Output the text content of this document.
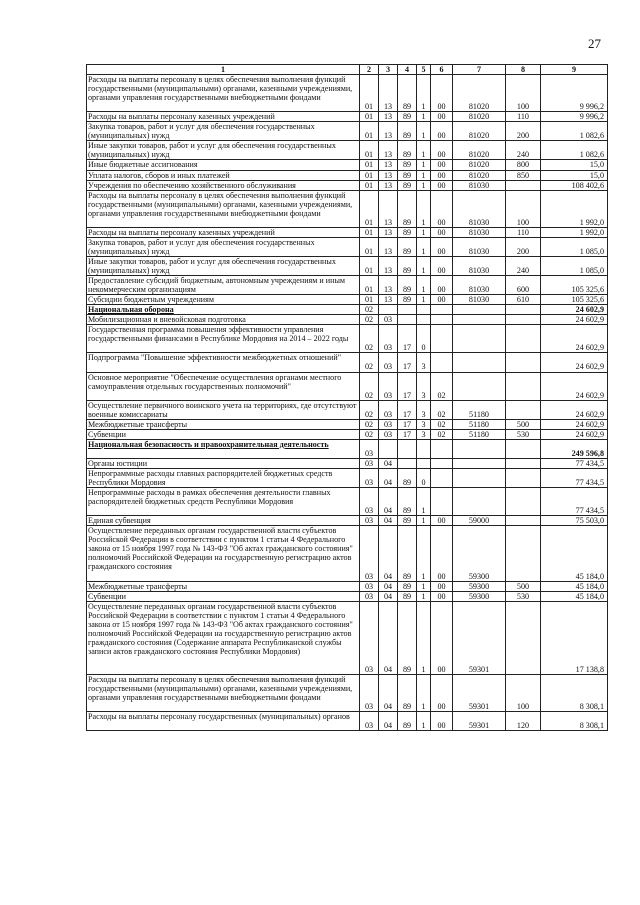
27
1	2	3	4	5	6	7	8	9
Расходы на выплаты персоналу в целях обеспечения выполнения функций государственными (муниципальными) органами, казенными учреждениями, органами управления государственными внебюджетными фондами	01	13	89	1	00	81020	100	9 996,2
Расходы на выплаты персоналу казенных учреждений	01	13	89	1	00	81020	110	9 996,2
Закупка товаров, работ и услуг для обеспечения государственных (муниципальных) нужд	01	13	89	1	00	81020	200	1 082,6
Иные закупки товаров, работ и услуг для обеспечения государственных (муниципальных) нужд	01	13	89	1	00	81020	240	1 082,6
Иные бюджетные ассигнования	01	13	89	1	00	81020	800	15,0
Уплата налогов, сборов и иных платежей	01	13	89	1	00	81020	850	15,0
Учреждения по обеспечению хозяйственного обслуживания	01	13	89	1	00	81030		108 402,6
Расходы на выплаты персоналу в целях обеспечения выполнения функций государственными (муниципальными) органами, казенными учреждениями, органами управления государственными внебюджетными фондами	01	13	89	1	00	81030	100	1 992,0
Расходы на выплаты персоналу казенных учреждений	01	13	89	1	00	81030	110	1 992,0
Закупка товаров, работ и услуг для обеспечения государственных (муниципальных) нужд	01	13	89	1	00	81030	200	1 085,0
Иные закупки товаров, работ и услуг для обеспечения государственных (муниципальных) нужд	01	13	89	1	00	81030	240	1 085,0
Предоставление субсидий бюджетным, автономным учреждениям и иным некоммерческим организациям	01	13	89	1	00	81030	600	105 325,6
Субсидии бюджетным учреждениям	01	13	89	1	00	81030	610	105 325,6
Национальная оборона	02							24 602,9
Мобилизационная и вневойсковая подготовка	02	03						24 602,9
Государственная программа повышения эффективности управления государственными финансами в Республике Мордовия на 2014 – 2022 годы	02	03	17	0				24 602,9
Подпрограмма "Повышение эффективности межбюджетных отношений"	02	03	17	3				24 602,9
Основное мероприятие "Обеспечение осуществления органами местного самоуправления отдельных государственных полномочий"	02	03	17	3	02			24 602,9
Осуществление первичного воинского учета на территориях, где отсутствуют военные комиссариаты	02	03	17	3	02	51180		24 602,9
Межбюджетные трансферты	02	03	17	3	02	51180	500	24 602,9
Субвенции	02	03	17	3	02	51180	530	24 602,9
Национальная безопасность и правоохранительная деятельность	03							249 596,8
Органы юстиции	03	04						77 434,5
Непрограммные расходы главных распорядителей бюджетных средств Республики Мордовия	03	04	89	0				77 434,5
Непрограммные расходы в рамках обеспечения деятельности главных распорядителей бюджетных средств Республики Мордовия	03	04	89	1				77 434,5
Единая субвенция	03	04	89	1	00	59000		75 503,0
Осуществление переданных органам государственной власти субъектов Российской Федерации в соответствии с пунктом 1 статьи 4 Федерального закона от 15 ноября 1997 года № 143-ФЗ "Об актах гражданского состояния" полномочий Российской Федерации на государственную регистрацию актов гражданского состояния	03	04	89	1	00	59300		45 184,0
Межбюджетные трансферты	03	04	89	1	00	59300	500	45 184,0
Субвенции	03	04	89	1	00	59300	530	45 184,0
Осуществление переданных органам государственной власти субъектов Российской Федерации в соответствии с пунктом 1 статьи 4 Федерального закона от 15 ноября 1997 года № 143-ФЗ "Об актах гражданского состояния" полномочий Российской Федерации на государственную регистрацию актов гражданского состояния (Содержание аппарата Республиканской службы записи актов гражданского состояния Республики Мордовия)	03	04	89	1	00	59301		17 138,8
Расходы на выплаты персоналу в целях обеспечения выполнения функций государственными (муниципальными) органами, казенными учреждениями, органами управления государственными внебюджетными фондами	03	04	89	1	00	59301	100	8 308,1
Расходы на выплаты персоналу государственных (муниципальных) органов	03	04	89	1	00	59301	120	8 308,1
